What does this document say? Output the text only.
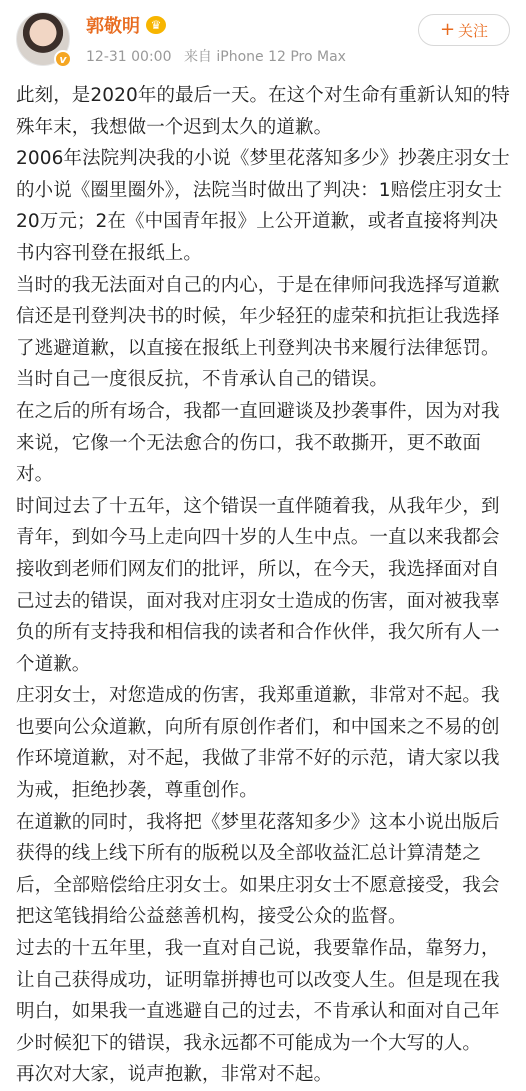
v
郭敬明 ♛
12-31 00:00 来自 iPhone 12 Pro Max
+ 关注

此刻，是2020年的最后一天。在这个对生命有重新认知的特殊年末，我想做一个迟到太久的道歉。

2006年法院判决我的小说《梦里花落知多少》抄袭庄羽女士的小说《圈里圈外》，法院当时做出了判决：1赔偿庄羽女士20万元；2在《中国青年报》上公开道歉，或者直接将判决书内容刊登在报纸上。

当时的我无法面对自己的内心，于是在律师问我选择写道歉信还是刊登判决书的时候，年少轻狂的虚荣和抗拒让我选择了逃避道歉，以直接在报纸上刊登判决书来履行法律惩罚。当时自己一度很反抗，不肯承认自己的错误。

在之后的所有场合，我都一直回避谈及抄袭事件，因为对我来说，它像一个无法愈合的伤口，我不敢撕开，更不敢面对。

时间过去了十五年，这个错误一直伴随着我，从我年少，到青年，到如今马上走向四十岁的人生中点。一直以来我都会接收到老师们网友们的批评，所以，在今天，我选择面对自己过去的错误，面对我对庄羽女士造成的伤害，面对被我辜负的所有支持我和相信我的读者和合作伙伴，我欠所有人一个道歉。

庄羽女士，对您造成的伤害，我郑重道歉，非常对不起。我也要向公众道歉，向所有原创作者们，和中国来之不易的创作环境道歉，对不起，我做了非常不好的示范，请大家以我为戒，拒绝抄袭，尊重创作。

在道歉的同时，我将把《梦里花落知多少》这本小说出版后获得的线上线下所有的版税以及全部收益汇总计算清楚之后，全部赔偿给庄羽女士。如果庄羽女士不愿意接受，我会把这笔钱捐给公益慈善机构，接受公众的监督。

过去的十五年里，我一直对自己说，我要靠作品，靠努力，让自己获得成功，证明靠拼搏也可以改变人生。但是现在我明白，如果我一直逃避自己的过去，不肯承认和面对自己年少时候犯下的错误，我永远都不可能成为一个大写的人。

再次对大家，说声抱歉，非常对不起。
